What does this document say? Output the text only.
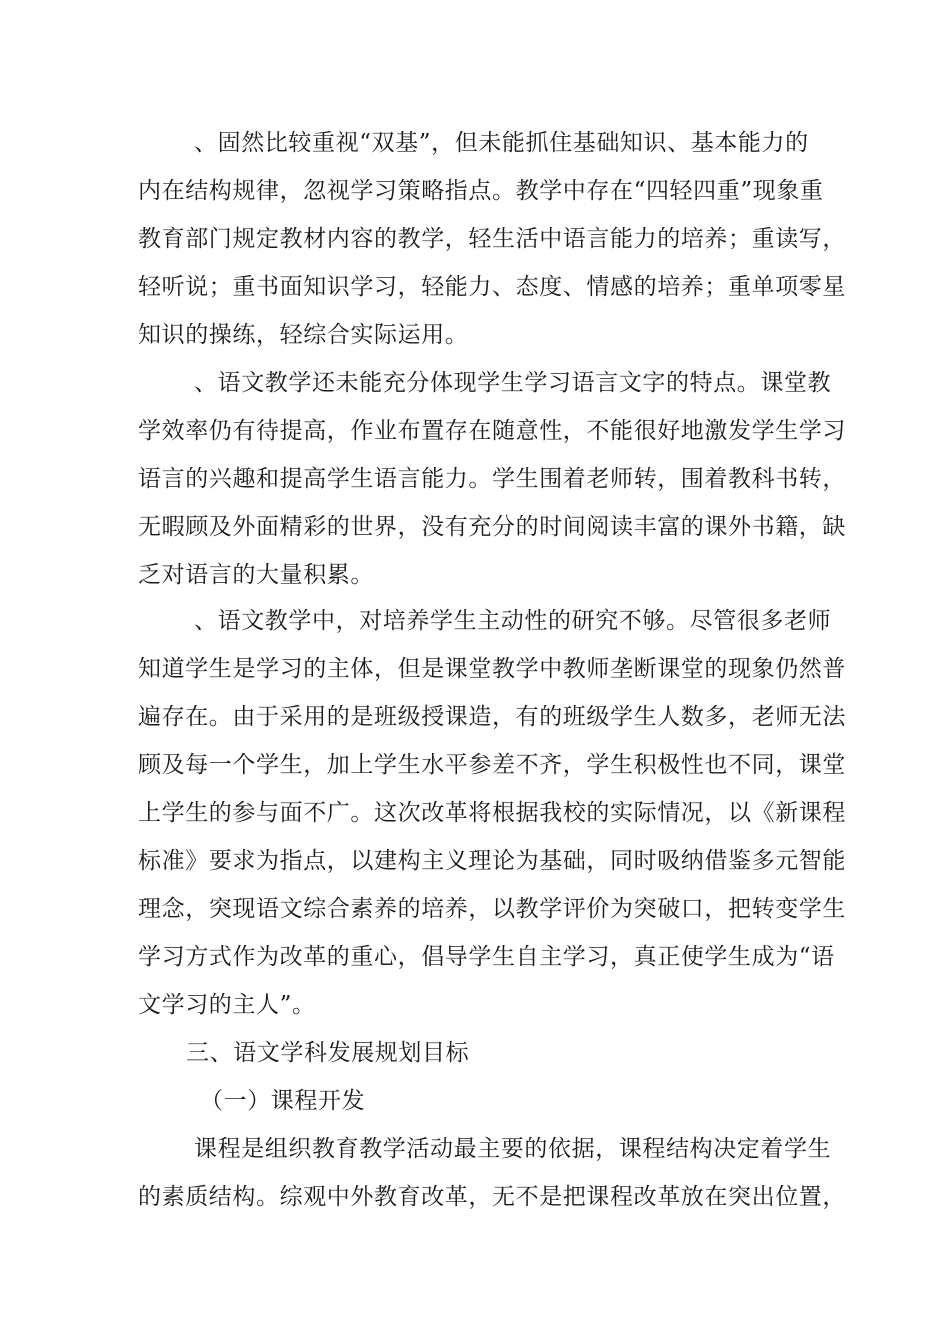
、固然比较重视“双基”，但未能抓住基础知识、基本能力的
内在结构规律，忽视学习策略指点。教学中存在“四轻四重”现象重
教育部门规定教材内容的教学，轻生活中语言能力的培养；重读写，
轻听说；重书面知识学习，轻能力、态度、情感的培养；重单项零星
知识的操练，轻综合实际运用。
、语文教学还未能充分体现学生学习语言文字的特点。课堂教
学效率仍有待提高，作业布置存在随意性，不能很好地激发学生学习
语言的兴趣和提高学生语言能力。学生围着老师转，围着教科书转，
无暇顾及外面精彩的世界，没有充分的时间阅读丰富的课外书籍，缺
乏对语言的大量积累。
、语文教学中，对培养学生主动性的研究不够。尽管很多老师
知道学生是学习的主体，但是课堂教学中教师垄断课堂的现象仍然普
遍存在。由于采用的是班级授课造，有的班级学生人数多，老师无法
顾及每一个学生，加上学生水平参差不齐，学生积极性也不同，课堂
上学生的参与面不广。这次改革将根据我校的实际情况，以《新课程
标准》要求为指点，以建构主义理论为基础，同时吸纳借鉴多元智能
理念，突现语文综合素养的培养，以教学评价为突破口，把转变学生
学习方式作为改革的重心，倡导学生自主学习，真正使学生成为“语
文学习的主人”。
三、语文学科发展规划目标
（一）课程开发
课程是组织教育教学活动最主要的依据，课程结构决定着学生
的素质结构。综观中外教育改革，无不是把课程改革放在突出位置，
